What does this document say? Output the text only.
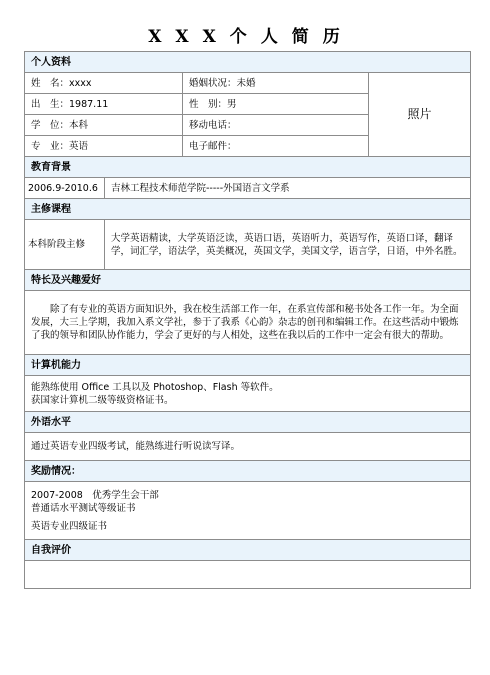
X X X 个 人 简 历
个人资料			
姓　名：xxxx		婚姻状况：未婚	照片
出　生：1987.11		性　别：男	
学　位：本科		移动电话：	
专　业：英语		电子邮件：	
教育背景			
2006.9-2010.6	吉林工程技术师范学院-----外国语言文学系		
主修课程			
本科阶段主修	大学英语精读，大学英语泛读，英语口语，英语听力，英语写作，英语口译，翻译学，词汇学，语法学，英美概况，英国文学，美国文学，语言学，日语，中外名胜。		
特长及兴趣爱好			
除了有专业的英语方面知识外，我在校生活部工作一年，在系宣传部和秘书处各工作一年。为全面发展，大三上学期，我加入系文学社，参于了我系《心韵》杂志的创刊和编辑工作。在这些活动中锻炼了我的领导和团队协作能力，学会了更好的与人相处，这些在我以后的工作中一定会有很大的帮助。			
计算机能力			

能熟练使用 Office 工具以及 Photoshop、Flash 等软件。
获国家计算机二级等级资格证书。			

外语水平			
通过英语专业四级考试，能熟练进行听说读写译。			
奖励情况：			

2007-2008　优秀学生会干部
普通话水平测试等级证书
英语专业四级证书			

自我评价			
